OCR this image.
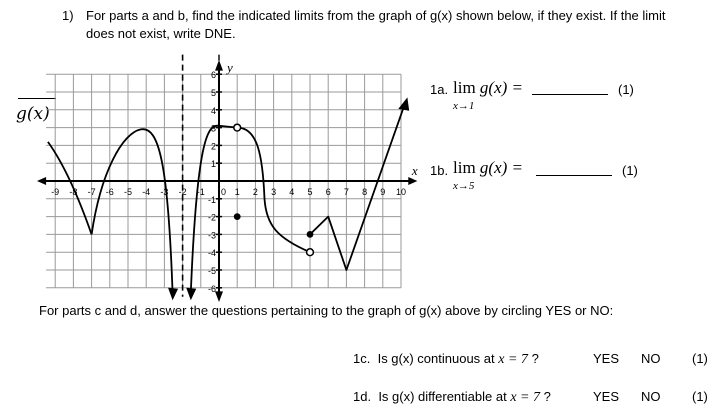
1) For parts a and b, find the indicated limits from the graph of g(x) shown below, if they exist. If the limit
does not exist, write DNE.
g(x)
-9 -8 -7 -6 -5 -4 -3 -2 -1	1 2 3 4 5 6 7 8 9 10
0
6
5
4
3
2
1
-1
-2
-3
-4
-5
-6
x
y
1a. lim g(x) =
x→1
(1)
1b. lim g(x) =
x→5
(1)
For parts c and d, answer the questions pertaining to the graph of g(x) above by circling YES or NO:
1c. Is g(x) continuous at x = 7 ?	YES NO (1)
1d. Is g(x) differentiable at x = 7 ?	YES NO (1)
